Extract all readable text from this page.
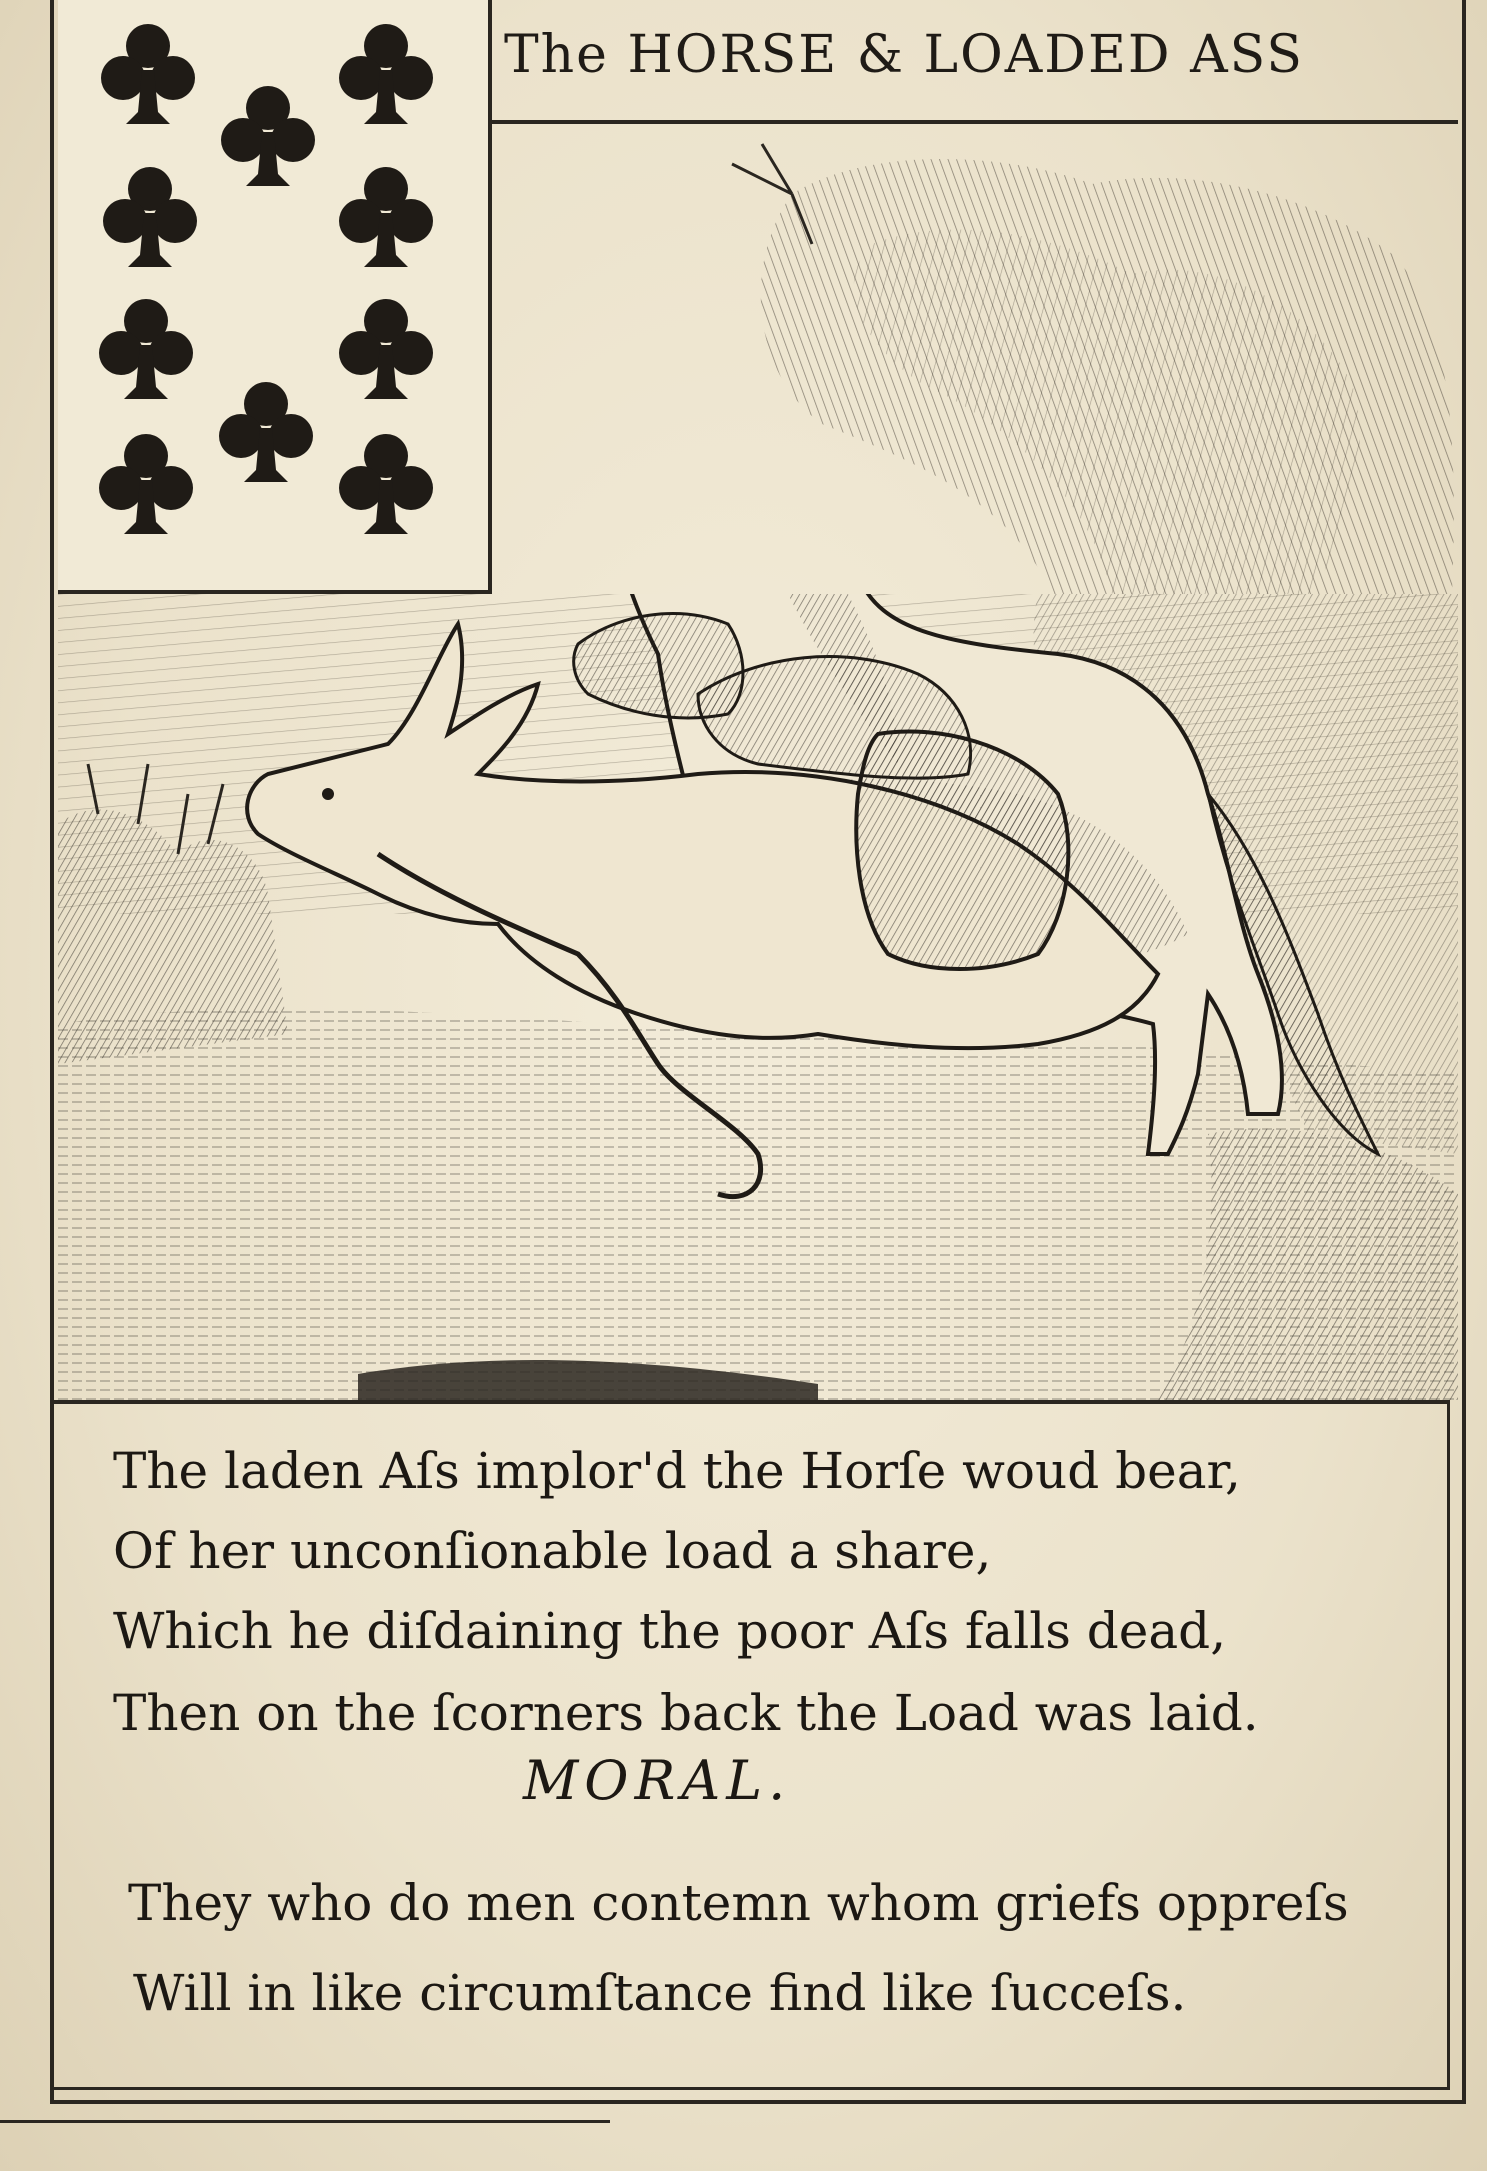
The HORSE & LOADED ASS
The laden Aſs implor'd the Horſe woud bear,
Of her unconſionable load a share,
Which he diſdaining the poor Aſs falls dead,
Then on the ſcorners back the Load was laid.
MORAL.
They who do men contemn whom griefs oppreſs
Will in like circumſtance find like ſucceſs.
